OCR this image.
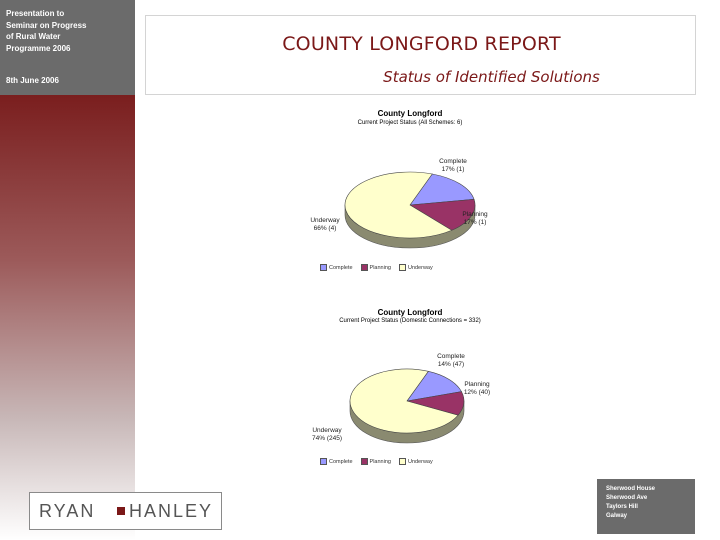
Presentation to
Seminar on Progress
of Rural Water
Programme 2006
8th June 2006
COUNTY LONGFORD REPORT
Status of Identified Solutions
County Longford
Current Project Status (All Schemes: 6)
Complete
17% (1)
Planning
17% (1)
Underway
66% (4)
Complete	Planning	Underway
County Longford
Current Project Status (Domestic Connections = 332)
Complete
14% (47)
Planning
12% (40)
Underway
74% (245)
Complete	Planning	Underway
RYAN HANLEY
Sherwood House
Sherwood Ave
Taylors Hill
Galway
